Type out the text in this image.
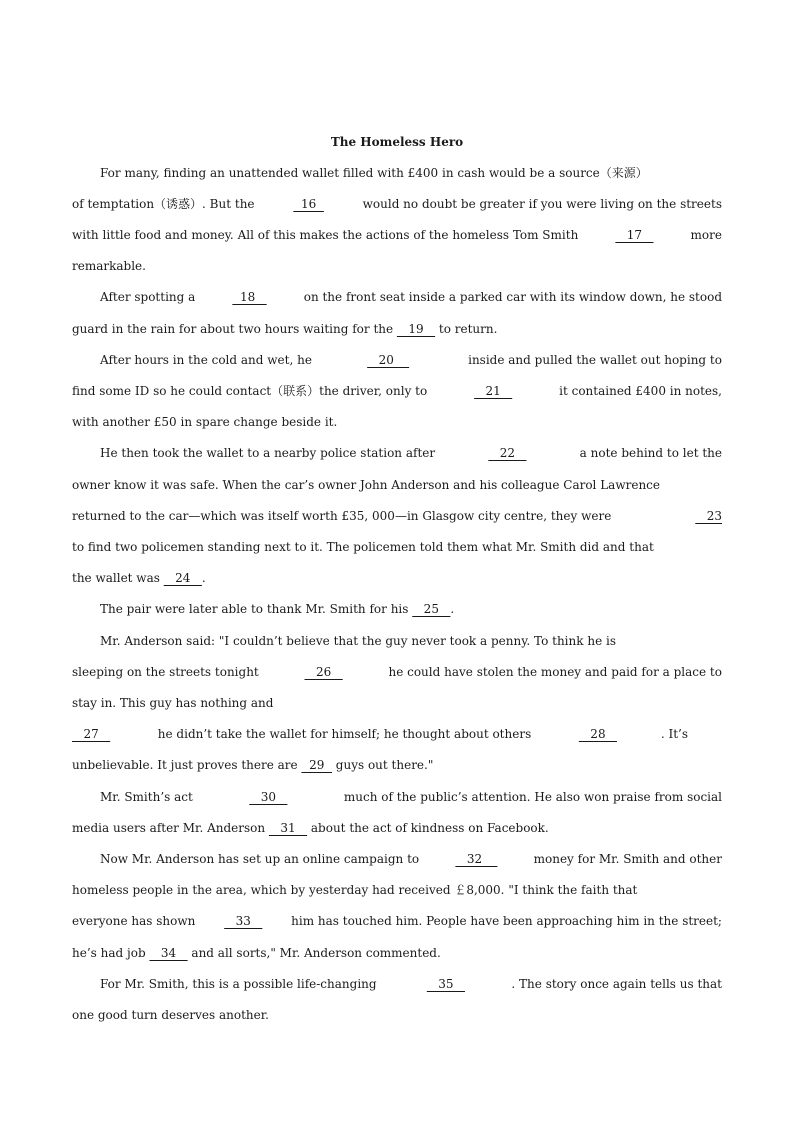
The Homeless Hero
For many, finding an unattended wallet filled with £400 in cash would be a source（来源）
of temptation（诱惑）. But the	16	would no doubt be greater if you were living on the streets
with little food and money. All of this makes the actions of the homeless Tom Smith	17	more
remarkable.
After spotting a	18	on the front seat inside a parked car with its window down, he stood
guard in the rain for about two hours waiting for the    19    to return.
After hours in the cold and wet, he	20	inside and pulled the wallet out hoping to
find some ID so he could contact（联系）the driver, only to	21	it contained £400 in notes,
with another £50 in spare change beside it.
He then took the wallet to a nearby police station after	22	a note behind to let the
owner know it was safe. When the car’s owner John Anderson and his colleague Carol Lawrence
returned to the car—which was itself worth £35, 000—in Glasgow city centre, they were	23
to find two policemen standing next to it. The policemen told them what Mr. Smith did and that
the wallet was    24   .
The pair were later able to thank Mr. Smith for his    25   .
Mr. Anderson said: "I couldn’t believe that the guy never took a penny. To think he is
sleeping on the streets tonight	26	he could have stolen the money and paid for a place to
stay in. This guy has nothing and
27	he didn’t take the wallet for himself; he thought about others	28	. It’s
unbelievable. It just proves there are   29   guys out there."
Mr. Smith’s act	30	much of the public’s attention. He also won praise from social
media users after Mr. Anderson    31    about the act of kindness on Facebook.
Now Mr. Anderson has set up an online campaign to	32	money for Mr. Smith and other
homeless people in the area, which by yesterday had received ￡8,000. "I think the faith that
everyone has shown 33 him has touched him. People have been approaching him in the street;
he’s had job    34    and all sorts," Mr. Anderson commented.
For Mr. Smith, this is a possible life-changing	35	. The story once again tells us that
one good turn deserves another.
